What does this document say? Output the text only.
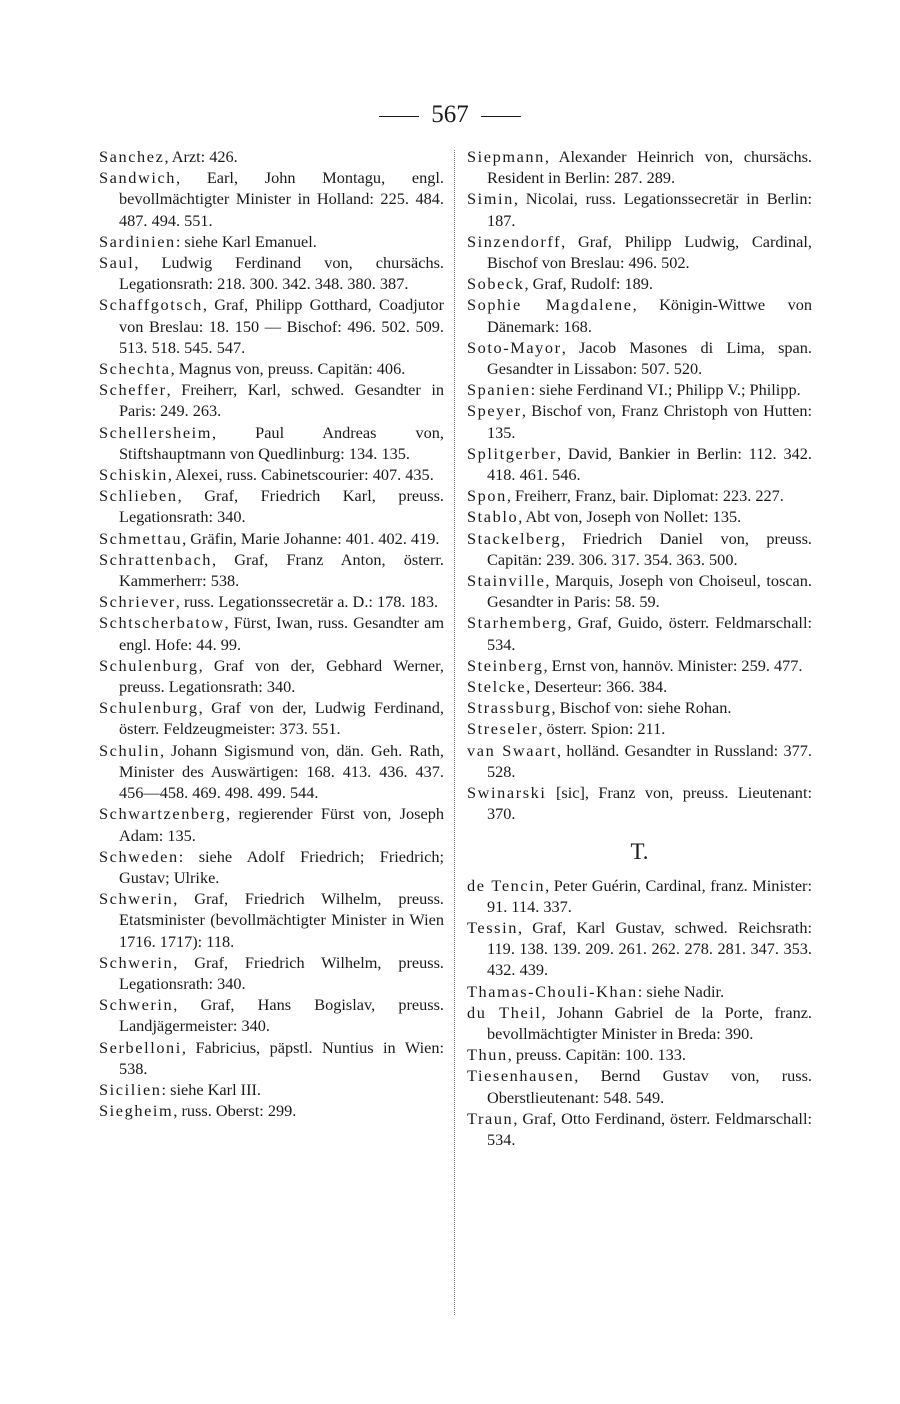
567

Sanchez, Arzt: 426.

Sandwich, Earl, John Montagu, engl. bevollmächtigter Minister in Holland: 225. 484. 487. 494. 551.

Sardinien: siehe Karl Emanuel.

Saul, Ludwig Ferdinand von, chursächs. Legationsrath: 218. 300. 342. 348. 380. 387.

Schaffgotsch, Graf, Philipp Gotthard, Coadjutor von Breslau: 18. 150 — Bischof: 496. 502. 509. 513. 518. 545. 547.

Schechta, Magnus von, preuss. Capitän: 406.

Scheffer, Freiherr, Karl, schwed. Gesandter in Paris: 249. 263.

Schellersheim, Paul Andreas von, Stiftshauptmann von Quedlinburg: 134. 135.

Schiskin, Alexei, russ. Cabinetscourier: 407. 435.

Schlieben, Graf, Friedrich Karl, preuss. Legationsrath: 340.

Schmettau, Gräfin, Marie Johanne: 401. 402. 419.

Schrattenbach, Graf, Franz Anton, österr. Kammerherr: 538.

Schriever, russ. Legationssecretär a. D.: 178. 183.

Schtscherbatow, Fürst, Iwan, russ. Gesandter am engl. Hofe: 44. 99.

Schulenburg, Graf von der, Gebhard Werner, preuss. Legationsrath: 340.

Schulenburg, Graf von der, Ludwig Ferdinand, österr. Feldzeugmeister: 373. 551.

Schulin, Johann Sigismund von, dän. Geh. Rath, Minister des Auswärtigen: 168. 413. 436. 437. 456—458. 469. 498. 499. 544.

Schwartzenberg, regierender Fürst von, Joseph Adam: 135.

Schweden: siehe Adolf Friedrich; Friedrich; Gustav; Ulrike.

Schwerin, Graf, Friedrich Wilhelm, preuss. Etatsminister (bevollmächtigter Minister in Wien 1716. 1717): 118.

Schwerin, Graf, Friedrich Wilhelm, preuss. Legationsrath: 340.

Schwerin, Graf, Hans Bogislav, preuss. Landjägermeister: 340.

Serbelloni, Fabricius, päpstl. Nuntius in Wien: 538.

Sicilien: siehe Karl III.

Siegheim, russ. Oberst: 299.

Siepmann, Alexander Heinrich von, chursächs. Resident in Berlin: 287. 289.

Simin, Nicolai, russ. Legationssecretär in Berlin: 187.

Sinzendorff, Graf, Philipp Ludwig, Cardinal, Bischof von Breslau: 496. 502.

Sobeck, Graf, Rudolf: 189.

Sophie Magdalene, Königin-Wittwe von Dänemark: 168.

Soto-Mayor, Jacob Masones di Lima, span. Gesandter in Lissabon: 507. 520.

Spanien: siehe Ferdinand VI.; Philipp V.; Philipp.

Speyer, Bischof von, Franz Christoph von Hutten: 135.

Splitgerber, David, Bankier in Berlin: 112. 342. 418. 461. 546.

Spon, Freiherr, Franz, bair. Diplomat: 223. 227.

Stablo, Abt von, Joseph von Nollet: 135.

Stackelberg, Friedrich Daniel von, preuss. Capitän: 239. 306. 317. 354. 363. 500.

Stainville, Marquis, Joseph von Choiseul, toscan. Gesandter in Paris: 58. 59.

Starhemberg, Graf, Guido, österr. Feldmarschall: 534.

Steinberg, Ernst von, hannöv. Minister: 259. 477.

Stelcke, Deserteur: 366. 384.

Strassburg, Bischof von: siehe Rohan.

Streseler, österr. Spion: 211.

van Swaart, holländ. Gesandter in Russland: 377. 528.

Swinarski [sic], Franz von, preuss. Lieutenant: 370.

T.

de Tencin, Peter Guérin, Cardinal, franz. Minister: 91. 114. 337.

Tessin, Graf, Karl Gustav, schwed. Reichsrath: 119. 138. 139. 209. 261. 262. 278. 281. 347. 353. 432. 439.

Thamas-Chouli-Khan: siehe Nadir.

du Theil, Johann Gabriel de la Porte, franz. bevollmächtigter Minister in Breda: 390.

Thun, preuss. Capitän: 100. 133.

Tiesenhausen, Bernd Gustav von, russ. Oberstlieutenant: 548. 549.

Traun, Graf, Otto Ferdinand, österr. Feldmarschall: 534.
